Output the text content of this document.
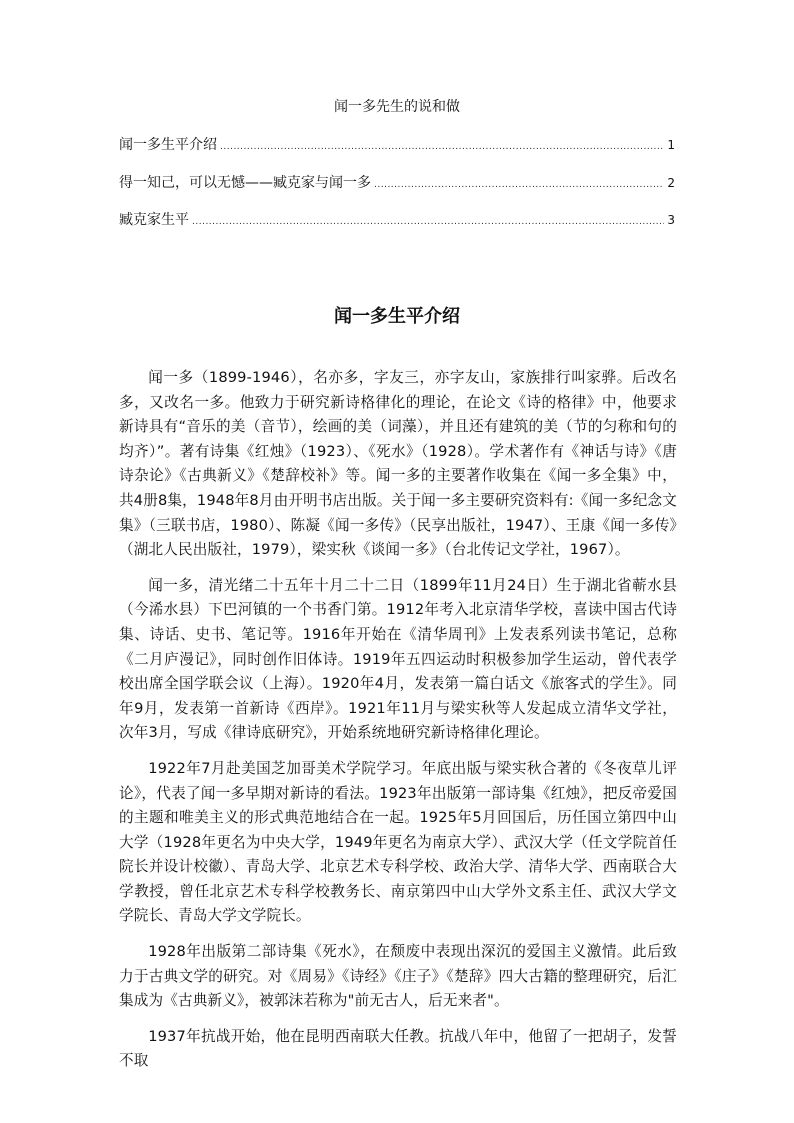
闻一多先生的说和做
闻一多生平介绍 .....	1
得一知己，可以无憾——臧克家与闻一多 .....	2
臧克家生平 .....	3
闻一多生平介绍

闻一多（1899-1946），名亦多，字友三，亦字友山，家族排行叫家骅。后改名多，又改名一多。他致力于研究新诗格律化的理论，在论文《诗的格律》中，他要求新诗具有“音乐的美（音节），绘画的美（词藻），并且还有建筑的美（节的匀称和句的均齐）”。著有诗集《红烛》（1923）、《死水》（1928）。学术著作有《神话与诗》《唐诗杂论》《古典新义》《楚辞校补》等。闻一多的主要著作收集在《闻一多全集》中，共4册8集，1948年8月由开明书店出版。关于闻一多主要研究资料有:《闻一多纪念文集》（三联书店，1980）、陈凝《闻一多传》（民享出版社，1947）、王康《闻一多传》（湖北人民出版社，1979），梁实秋《谈闻一多》（台北传记文学社，1967）。

闻一多，清光绪二十五年十月二十二日（1899年11月24日）生于湖北省蕲水县（今浠水县）下巴河镇的一个书香门第。1912年考入北京清华学校，喜读中国古代诗集、诗话、史书、笔记等。1916年开始在《清华周刊》上发表系列读书笔记，总称《二月庐漫记》，同时创作旧体诗。1919年五四运动时积极参加学生运动，曾代表学校出席全国学联会议（上海）。1920年4月，发表第一篇白话文《旅客式的学生》。同年9月，发表第一首新诗《西岸》。1921年11月与梁实秋等人发起成立清华文学社，次年3月，写成《律诗底研究》，开始系统地研究新诗格律化理论。

1922年7月赴美国芝加哥美术学院学习。年底出版与梁实秋合著的《冬夜草儿评论》，代表了闻一多早期对新诗的看法。1923年出版第一部诗集《红烛》，把反帝爱国的主题和唯美主义的形式典范地结合在一起。1925年5月回国后，历任国立第四中山大学（1928年更名为中央大学，1949年更名为南京大学）、武汉大学（任文学院首任院长并设计校徽）、青岛大学、北京艺术专科学校、政治大学、清华大学、西南联合大学教授，曾任北京艺术专科学校教务长、南京第四中山大学外文系主任、武汉大学文学院长、青岛大学文学院长。

1928年出版第二部诗集《死水》，在颓废中表现出深沉的爱国主义激情。此后致力于古典文学的研究。对《周易》《诗经》《庄子》《楚辞》四大古籍的整理研究，后汇集成为《古典新义》，被郭沫若称为"前无古人，后无来者"。

1937年抗战开始，他在昆明西南联大任教。抗战八年中，他留了一把胡子，发誓不取
